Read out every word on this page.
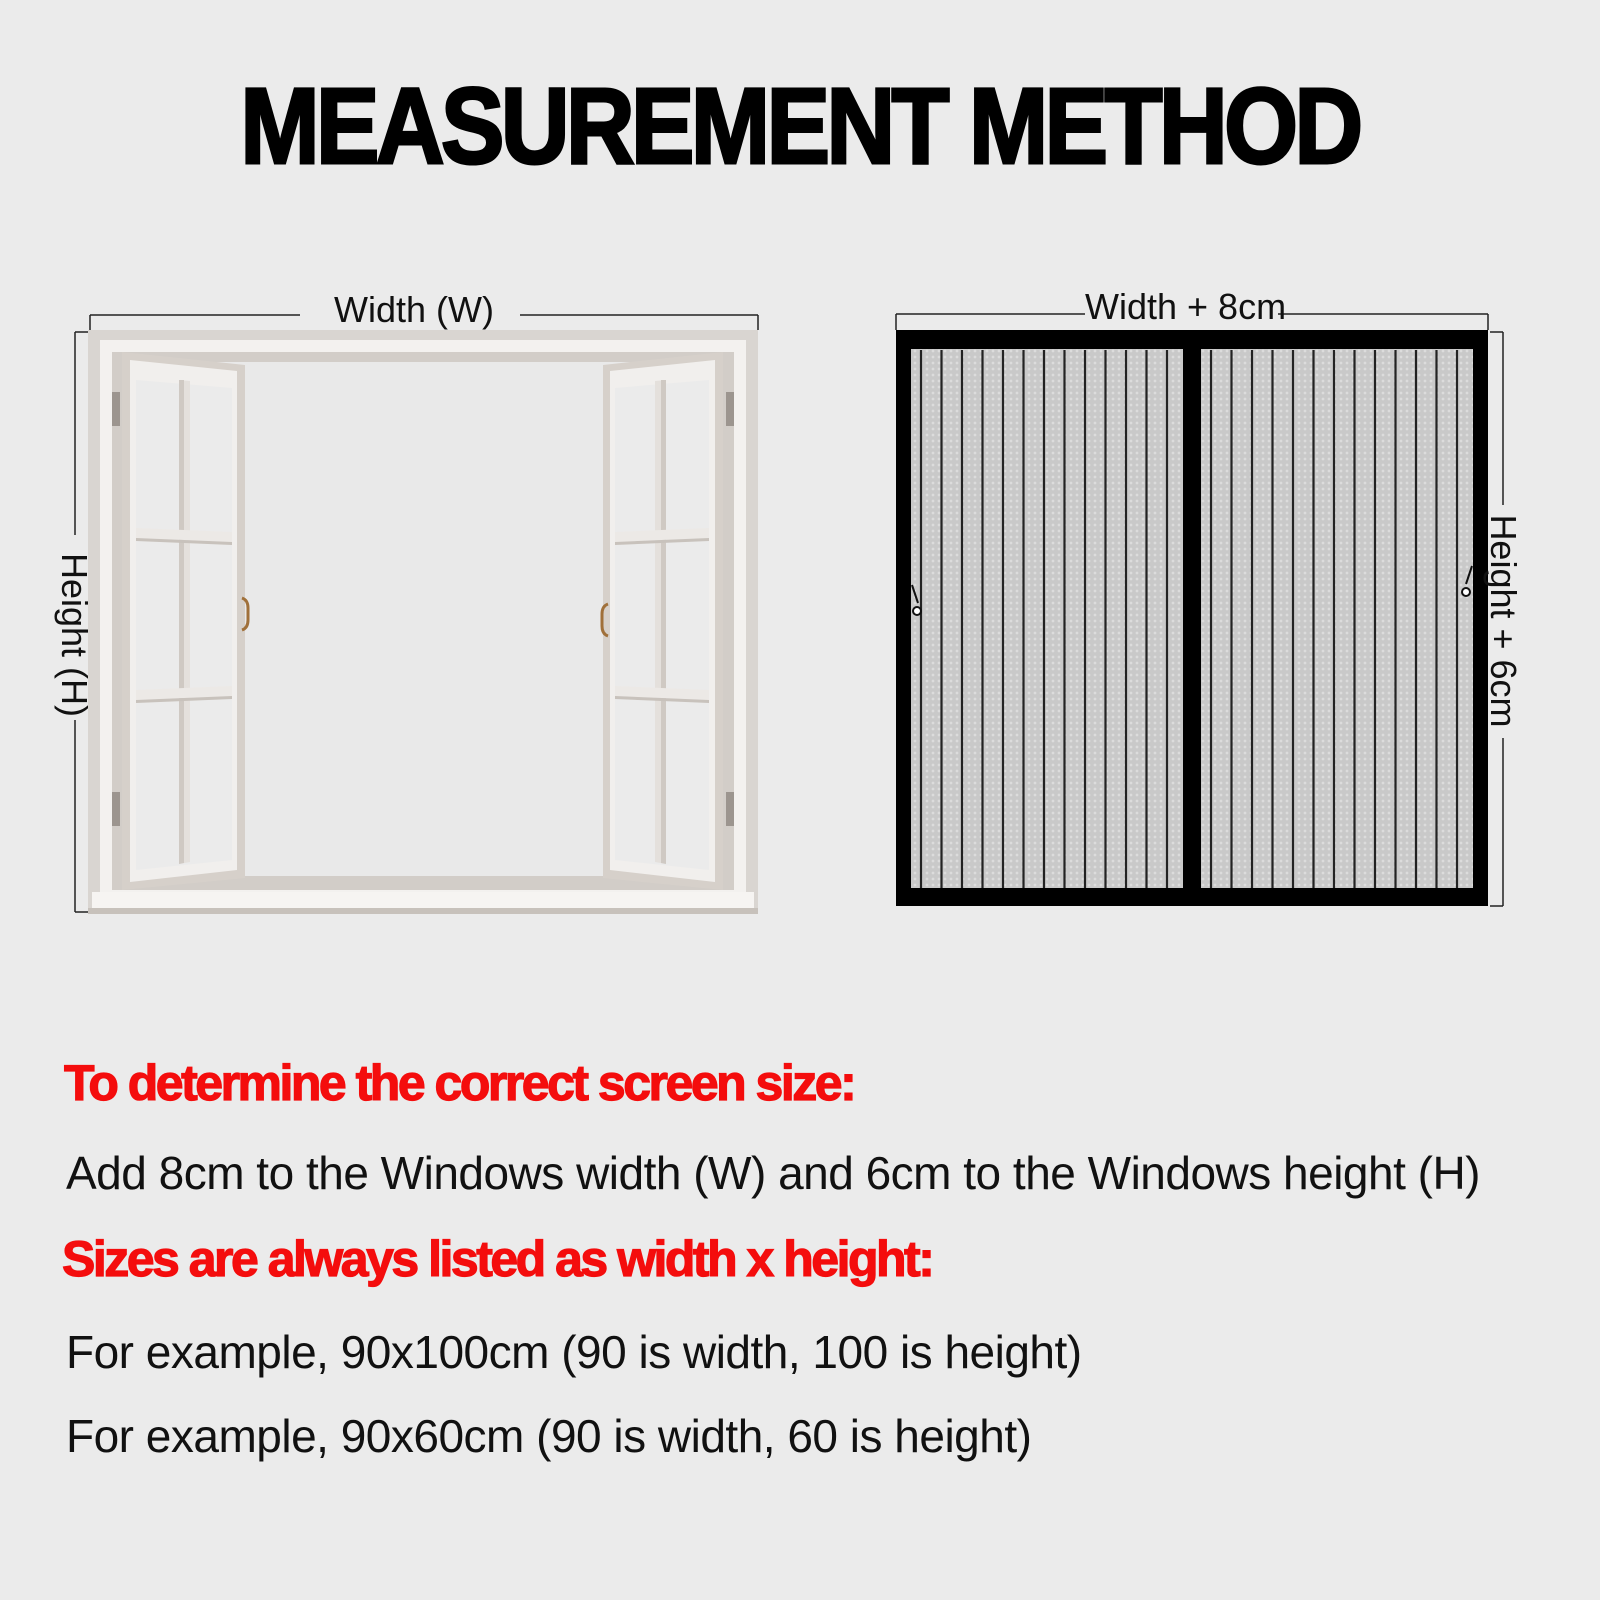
MEASUREMENT METHOD
Width (W)
Height (H)
Width + 8cm
Height + 6cm
To determine the correct screen size:
Add 8cm to the Windows width (W) and 6cm to the Windows height (H)
Sizes are always listed as width x height:
For example, 90x100cm (90 is width, 100 is height)
For example, 90x60cm (90 is width, 60 is height)
